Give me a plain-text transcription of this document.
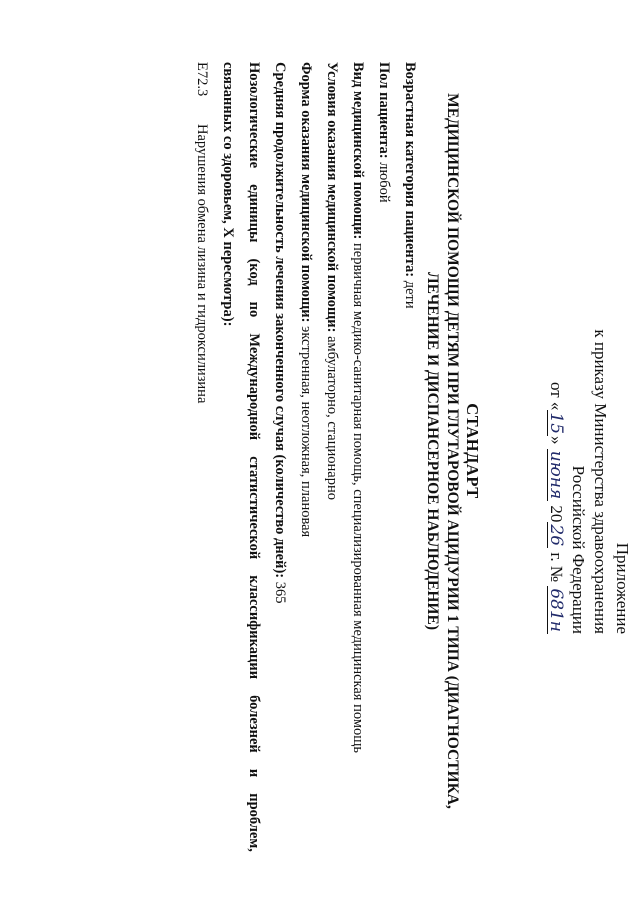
Приложение
к приказу Министерства здравоохранения
Российской Федерации
от «15» июня 2026 г. № 681н
СТАНДАРТ
МЕДИЦИНСКОЙ ПОМОЩИ ДЕТЯМ ПРИ ГЛУТАРОВОЙ АЦИДУРИИ 1 ТИПА (ДИАГНОСТИКА,
ЛЕЧЕНИЕ И ДИСПАНСЕРНОЕ НАБЛЮДЕНИЕ)
Возрастная категория пациента: дети
Пол пациента: любой
Вид медицинской помощи: первичная медико-санитарная помощь, специализированная медицинская помощь
Условия оказания медицинской помощи: амбулаторно, стационарно
Форма оказания медицинской помощи: экстренная, неотложная, плановая
Средняя продолжительность лечения законченного случая (количество дней): 365
Нозологические
единицы
(код
по
Международной
статистической
классификации
болезней
и
проблем,
связанных со здоровьем, X пересмотра):
E72.3Нарушения обмена лизина и гидроксилизина
